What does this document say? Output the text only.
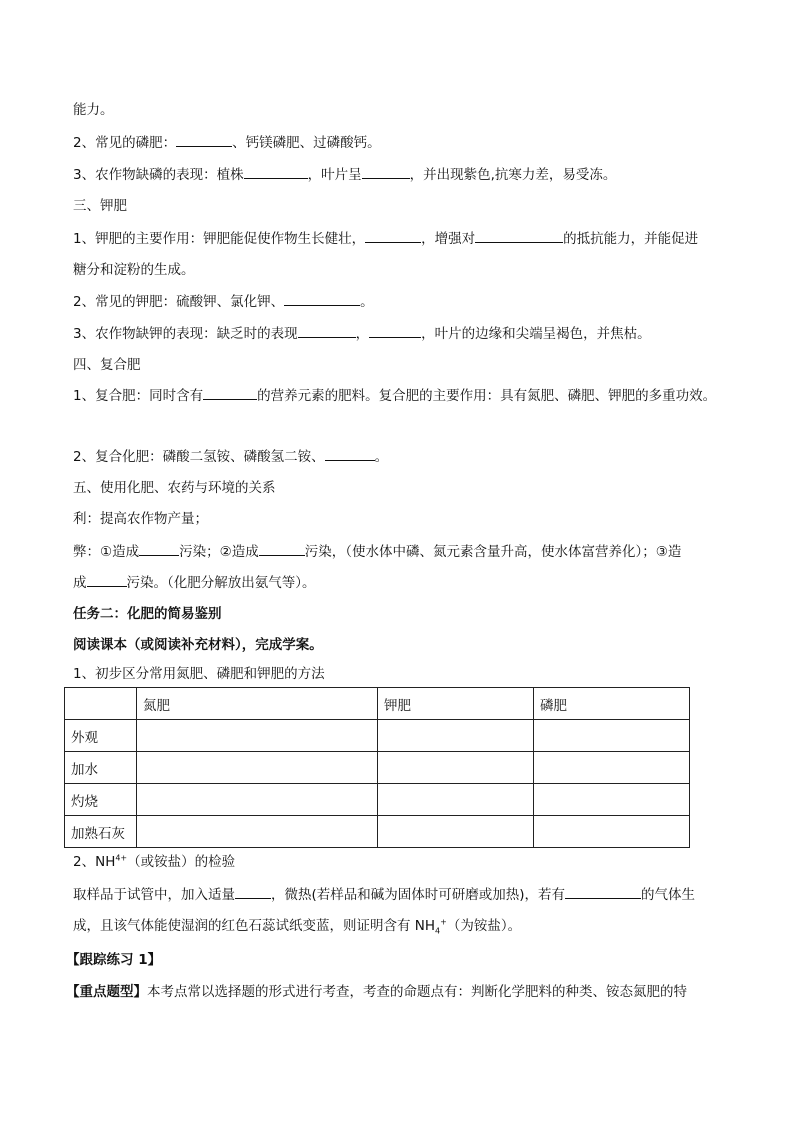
能力。
2、常见的磷肥：	、钙镁磷肥、过磷酸钙。
3、农作物缺磷的表现：植株	，叶片呈	，并出现紫色,抗寒力差，易受冻。
三、钾肥
1、钾肥的主要作用：钾肥能促使作物生长健壮，	，增强对	的抵抗能力，并能促进
糖分和淀粉的生成。
2、常见的钾肥：硫酸钾、氯化钾、	。
3、农作物缺钾的表现：缺乏时的表现	，	，叶片的边缘和尖端呈褐色，并焦枯。
四、复合肥
1、复合肥：同时含有	的营养元素的肥料。复合肥的主要作用：具有氮肥、磷肥、钾肥的多重功效。
2、复合化肥：磷酸二氢铵、磷酸氢二铵、	。
五、使用化肥、农药与环境的关系
利：提高农作物产量；
弊：①造成	污染；②造成	污染，（使水体中磷、氮元素含量升高，使水体富营养化）；③造
成	污染。（化肥分解放出氨气等）。
任务二：化肥的简易鉴别
阅读课本（或阅读补充材料），完成学案。
1、初步区分常用氮肥、磷肥和钾肥的方法
	氮肥	钾肥	磷肥
外观			
加水			
灼烧			
加熟石灰			
2、$NH^{4+}$（或铵盐）的检验
取样品于试管中，加入适量	，微热(若样品和碱为固体时可研磨或加热)，若有	的气体生
成，且该气体能使湿润的红色石蕊试纸变蓝，则证明含有 $NH_4^+$（为铵盐）。
【跟踪练习 1】
【重点题型】本考点常以选择题的形式进行考查，考查的命题点有：判断化学肥料的种类、铵态氮肥的特
